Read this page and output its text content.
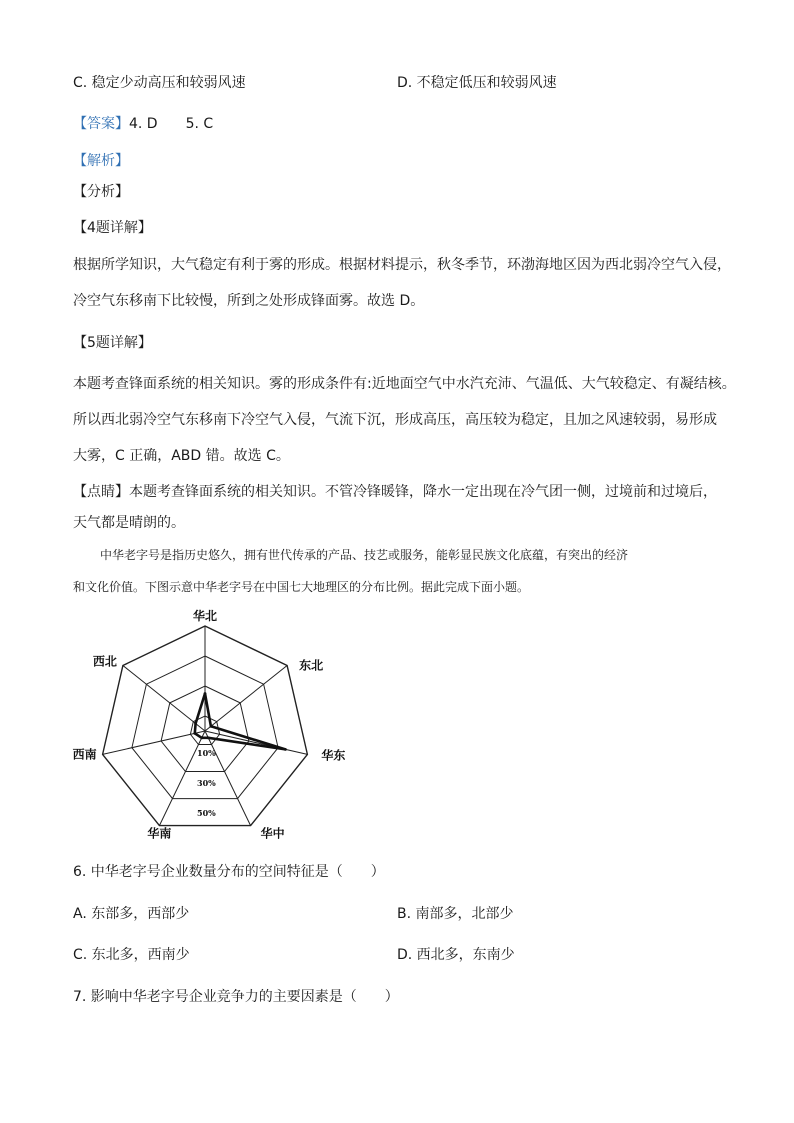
C. 稳定少动高压和较弱风速	D. 不稳定低压和较弱风速
【答案】4. D　　5. C
【解析】
【分析】
【4题详解】
根据所学知识，大气稳定有利于雾的形成。根据材料提示，秋冬季节，环渤海地区因为西北弱冷空气入侵，
冷空气东移南下比较慢，所到之处形成锋面雾。故选 D。
【5题详解】
本题考查锋面系统的相关知识。雾的形成条件有:近地面空气中水汽充沛、气温低、大气较稳定、有凝结核。
所以西北弱冷空气东移南下冷空气入侵，气流下沉，形成高压，高压较为稳定，且加之风速较弱，易形成
大雾，C 正确，ABD 错。故选 C。
【点睛】本题考查锋面系统的相关知识。不管冷锋暖锋，降水一定出现在冷气团一侧，过境前和过境后，
天气都是晴朗的。
中华老字号是指历史悠久，拥有世代传承的产品、技艺或服务，能彰显民族文化底蕴，有突出的经济
和文化价值。下图示意中华老字号在中国七大地理区的分布比例。据此完成下面小题。
10%
30%
50%
华北
东北
华东
华中
华南
西南
西北
6. 中华老字号企业数量分布的空间特征是（　　）
A. 东部多，西部少	B. 南部多，北部少
C. 东北多，西南少	D. 西北多，东南少
7. 影响中华老字号企业竞争力的主要因素是（　　）
